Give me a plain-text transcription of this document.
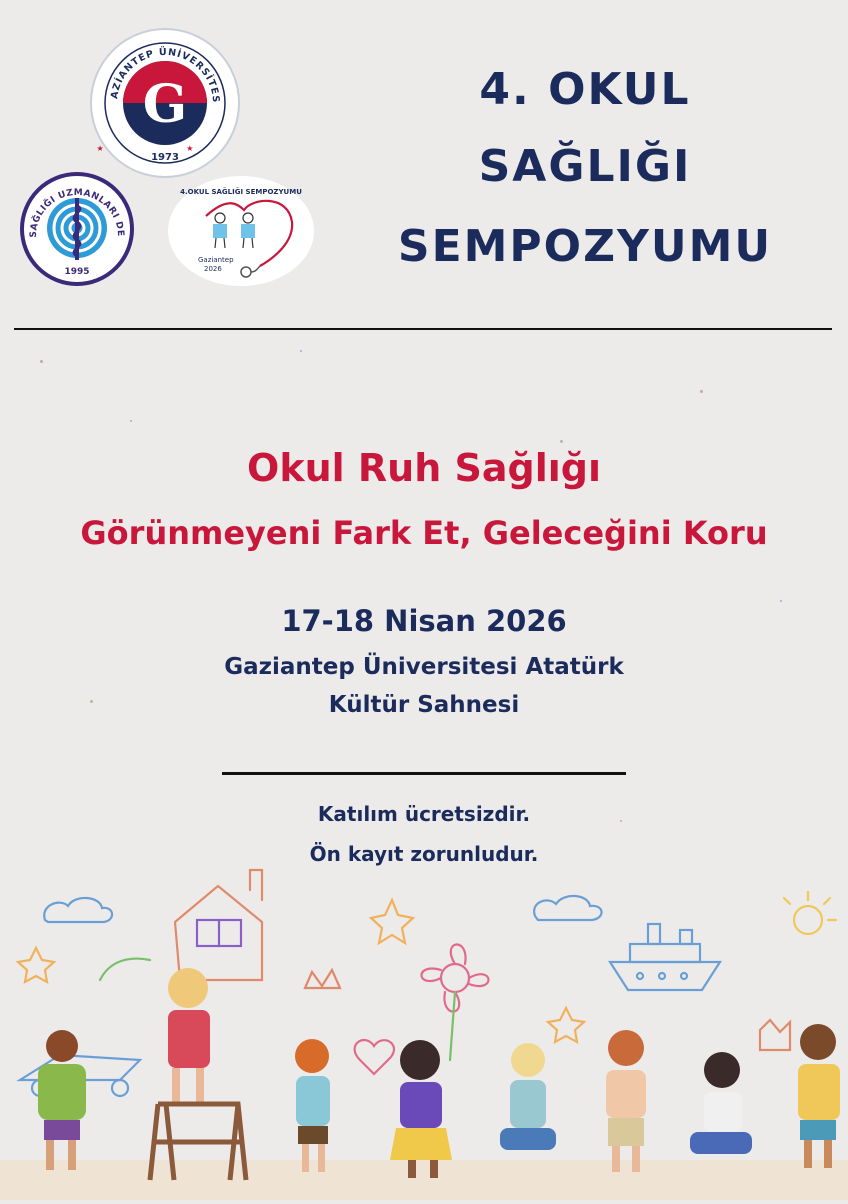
G
AZİANTEP ÜNİVERSİTES
1973
★ ★
SAĞLIĞI UZMANLARI DE
1995
4.OKUL SAĞLIĞI SEMPOZYUMU
Gaziantep
2026
4. OKUL
SAĞLIĞI
SEMPOZYUMU
Okul Ruh Sağlığı
Görünmeyeni Fark Et, Geleceğini Koru
17-18 Nisan 2026
Gaziantep Üniversitesi Atatürk
Kültür Sahnesi
Katılım ücretsizdir.
Ön kayıt zorunludur.
